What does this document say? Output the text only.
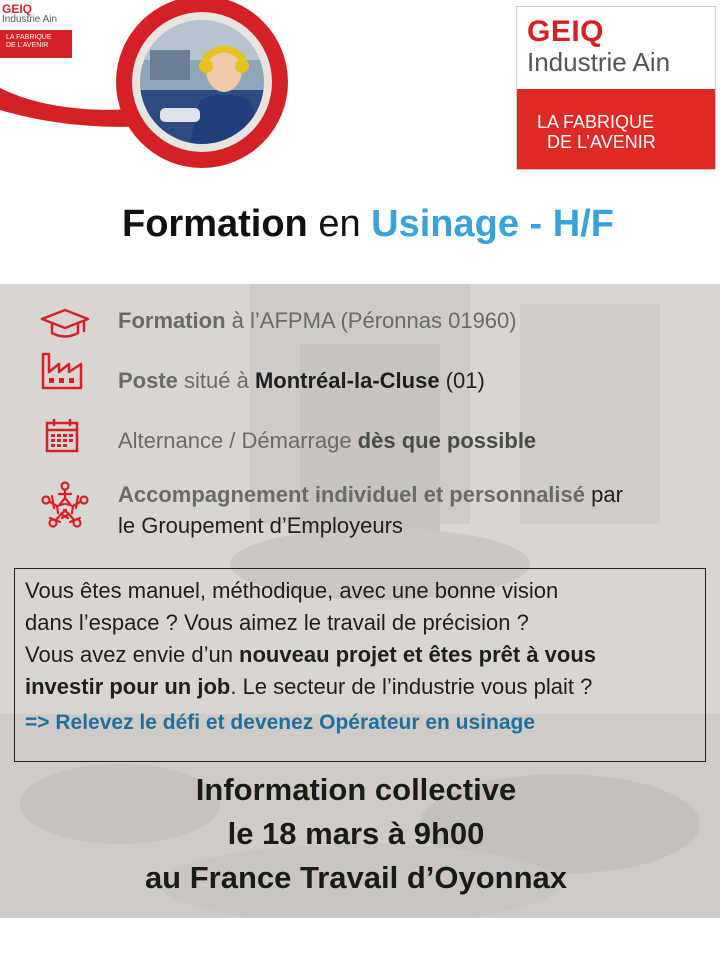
GEIQ
Industrie Ain
LA FABRIQUE
DE L’AVENIR	GEIQ
Industrie Ain
LA FABRIQUE
DE L’AVENIR
Formation en Usinage - H/F
Formation à l’AFPMA (Péronnas 01960)
Poste situé à Montréal-la-Cluse (01)
Alternance / Démarrage dès que possible
Accompagnement individuel et personnalisé par
le Groupement d’Employeurs

Vous êtes manuel, méthodique, avec une bonne vision

dans l’espace ? Vous aimez le travail de précision ?

Vous avez envie d’un nouveau projet et êtes prêt à vous

investir pour un job. Le secteur de l’industrie vous plait ?

=> Relevez le défi et devenez Opérateur en usinage

Information collective
le 18 mars à 9h00
au France Travail d’Oyonnax
